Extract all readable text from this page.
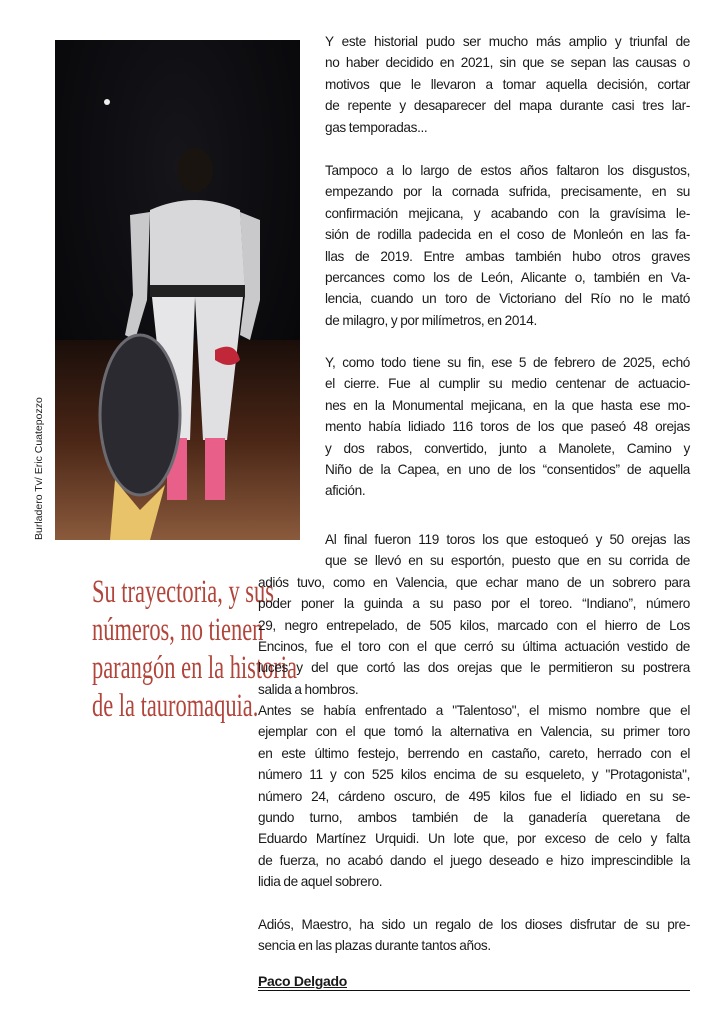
Burladero Tv/ Eric Cuatepozzo
Su trayectoria, y sus
números, no tienen
parangón en la historia
de la tauromaquia.
Y este historial pudo ser mucho más amplio y triunfal de
no haber decidido en 2021, sin que se sepan las causas o
motivos que le llevaron a tomar aquella decisión, cortar
de repente y desaparecer del mapa durante casi tres lar-
gas temporadas...
Tampoco a lo largo de estos años faltaron los disgustos,
empezando por la cornada sufrida, precisamente, en su
confirmación mejicana, y acabando con la gravísima le-
sión de rodilla padecida en el coso de Monleón en las fa-
llas de 2019. Entre ambas también hubo otros graves
percances como los de León, Alicante o, también en Va-
lencia, cuando un toro de Victoriano del Río no le mató
de milagro, y por milímetros, en 2014.
Y, como todo tiene su fin, ese 5 de febrero de 2025, echó
el cierre. Fue al cumplir su medio centenar de actuacio-
nes en la Monumental mejicana, en la que hasta ese mo-
mento había lidiado 116 toros de los que paseó 48 orejas
y dos rabos, convertido, junto a Manolete, Camino y
Niño de la Capea, en uno de los “consentidos” de aquella
afición.
Al final fueron 119 toros los que estoqueó y 50 orejas las
que se llevó en su esportón, puesto que en su corrida de
adiós tuvo, como en Valencia, que echar mano de un sobrero para
poder poner la guinda a su paso por el toreo. “Indiano”, número
29, negro entrepelado, de 505 kilos, marcado con el hierro de Los
Encinos, fue el toro con el que cerró su última actuación vestido de
luces y del que cortó las dos orejas que le permitieron su postrera
salida a hombros.
Antes se había enfrentado a "Talentoso", el mismo nombre que el
ejemplar con el que tomó la alternativa en Valencia, su primer toro
en este último festejo, berrendo en castaño, careto, herrado con el
número 11 y con 525 kilos encima de su esqueleto, y "Protagonista",
número 24, cárdeno oscuro, de 495 kilos fue el lidiado en su se-
gundo turno, ambos también de la ganadería queretana de
Eduardo Martínez Urquidi. Un lote que, por exceso de celo y falta
de fuerza, no acabó dando el juego deseado e hizo imprescindible la
lidia de aquel sobrero.
Adiós, Maestro, ha sido un regalo de los dioses disfrutar de su pre-
sencia en las plazas durante tantos años.
Paco Delgado
